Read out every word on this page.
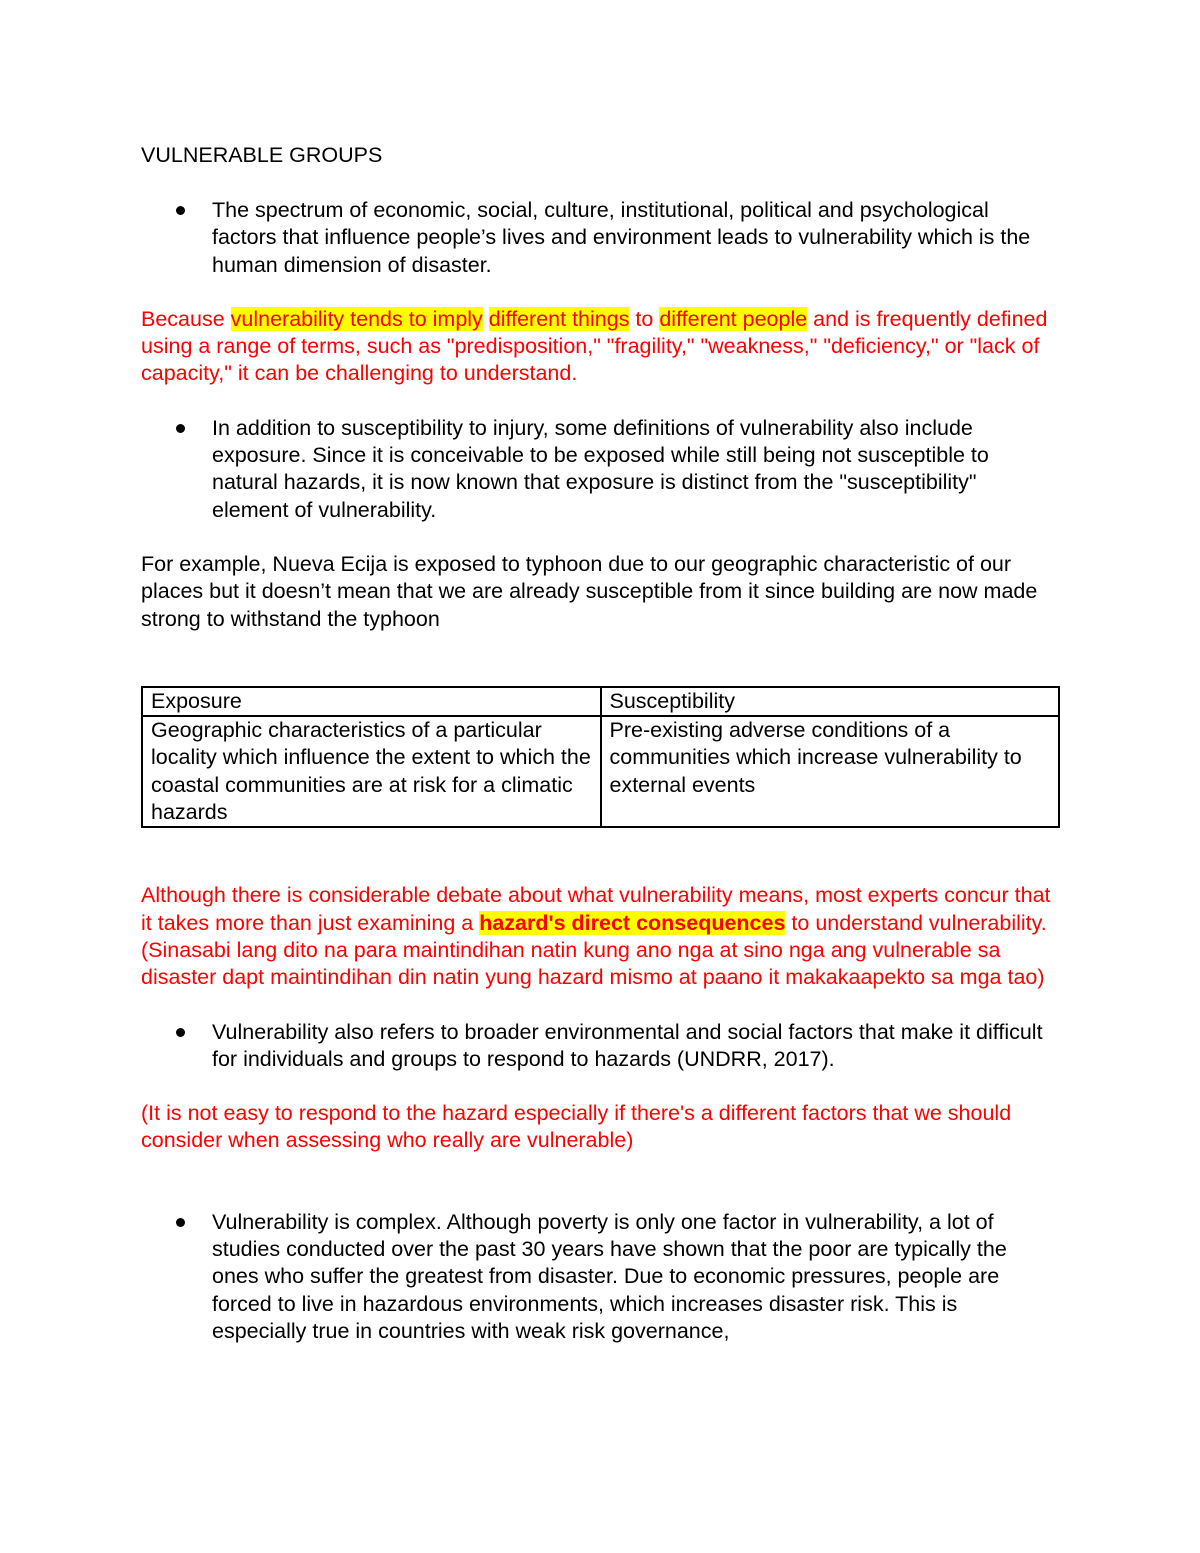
VULNERABLE GROUPS

The spectrum of economic, social, culture, institutional, political and psychological factors that influence people’s lives and environment leads to vulnerability which is the human dimension of disaster.

Because vulnerability tends to imply different things to different people and is frequently defined using a range of terms, such as "predisposition," "fragility," "weakness," "deficiency," or "lack of capacity," it can be challenging to understand.

In addition to susceptibility to injury, some definitions of vulnerability also include exposure. Since it is conceivable to be exposed while still being not susceptible to natural hazards, it is now known that exposure is distinct from the "susceptibility" element of vulnerability.

For example, Nueva Ecija is exposed to typhoon due to our geographic characteristic of our places but it doesn’t mean that we are already susceptible from it since building are now made strong to withstand the typhoon

Exposure	Susceptibility
Geographic characteristics of a particular locality which influence the extent to which the coastal communities are at risk for a climatic hazards	Pre-existing adverse conditions of a communities which increase vulnerability to external events

Although there is considerable debate about what vulnerability means, most experts concur that it takes more than just examining a hazard's direct consequences to understand vulnerability.

(Sinasabi lang dito na para maintindihan natin kung ano nga at sino nga ang vulnerable sa disaster dapt maintindihan din natin yung hazard mismo at paano it makakaapekto sa mga tao)

Vulnerability also refers to broader environmental and social factors that make it difficult for individuals and groups to respond to hazards (UNDRR, 2017).

(It is not easy to respond to the hazard especially if there's a different factors that we should consider when assessing who really are vulnerable)

Vulnerability is complex. Although poverty is only one factor in vulnerability, a lot of studies conducted over the past 30 years have shown that the poor are typically the ones who suffer the greatest from disaster. Due to economic pressures, people are forced to live in hazardous environments, which increases disaster risk. This is especially true in countries with weak risk governance,
